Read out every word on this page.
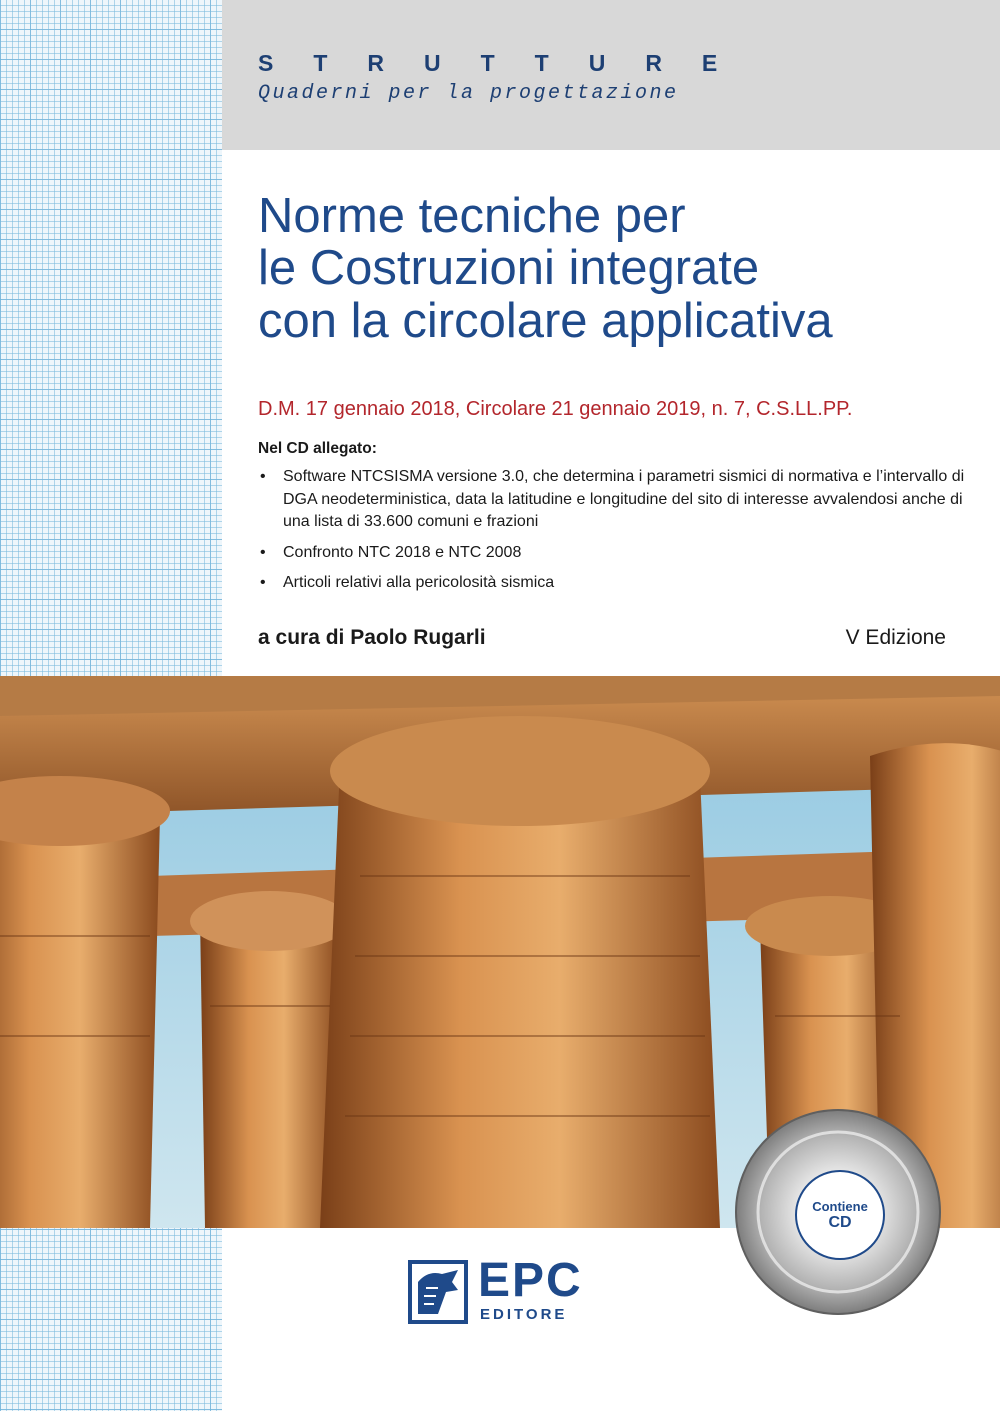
STRUTTURE

Quaderni per la progettazione

Norme tecniche per
le Costruzioni integrate
con la circolare applicativa

D.M. 17 gennaio 2018, Circolare 21 gennaio 2019, n. 7, C.S.LL.PP.

Nel CD allegato:

• Software NTCSISMA versione 3.0, che determina i parametri sismici di normativa e l’intervallo di DGA neodeterministica, data la latitudine e longitudine del sito di interesse avvalendosi anche di una lista di 33.600 comuni e frazioni
• Confronto NTC 2018 e NTC 2008
• Articoli relativi alla pericolosità sismica

a cura di Paolo Rugarli	V Edizione

Contiene
CD
EPC
EDITORE
